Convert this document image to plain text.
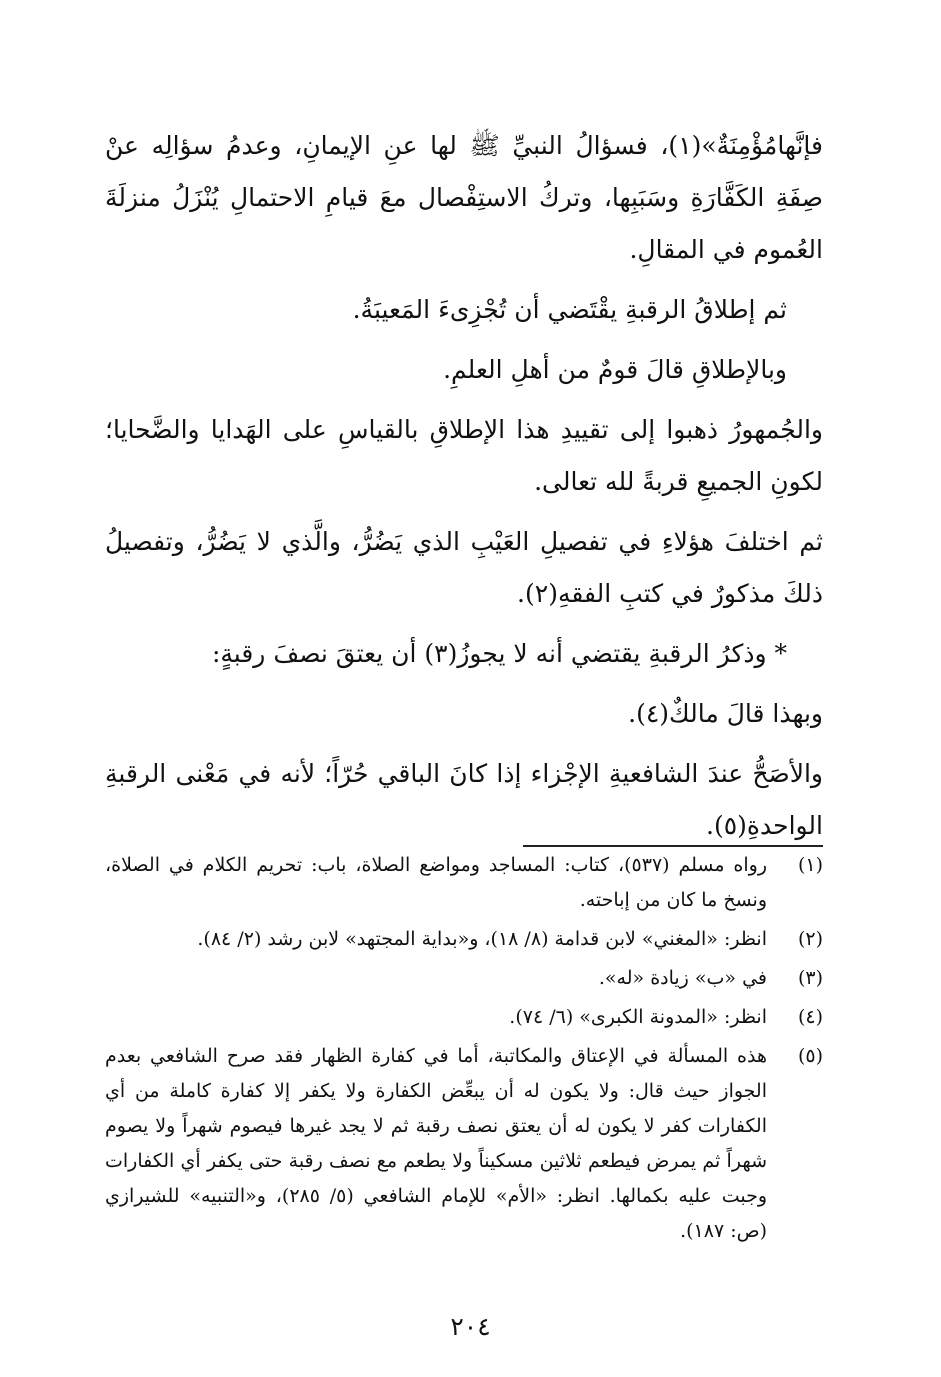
فإنَّهامُؤْمِنَةٌ»(١)، فسؤالُ النبيِّ ﷺ لها عنِ الإيمانِ، وعدمُ سؤالِه عنْ صِفَةِ الكَفَّارَةِ وسَبَبِها، وتركُ الاستِفْصال معَ قيامِ الاحتمالِ يُنْزَلُ منزلَةَ العُموم في المقالِ.

ثم إطلاقُ الرقبةِ يقْتَضي أن تُجْزِىءَ المَعيبَةُ.

وبالإطلاقِ قالَ قومٌ من أهلِ العلمِ.

والجُمهورُ ذهبوا إلى تقييدِ هذا الإطلاقِ بالقياسِ على الهَدايا والضَّحايا؛ لكونِ الجميعِ قربةً لله تعالى.

ثم اختلفَ هؤلاءِ في تفصيلِ العَيْبِ الذي يَضُرُّ، والَّذي لا يَضُرُّ، وتفصيلُ ذلكَ مذكورٌ في كتبِ الفقهِ(٢).

* وذكرُ الرقبةِ يقتضي أنه لا يجوزُ(٣) أن يعتقَ نصفَ رقبةٍ:

وبهذا قالَ مالكٌ(٤).

والأصَحُّ عندَ الشافعيةِ الإجْزاء إذا كانَ الباقي حُرّاً؛ لأنه في مَعْنى الرقبةِ الواحدةِ(٥).

(١)
رواه مسلم (٥٣٧)، كتاب: المساجد ومواضع الصلاة، باب: تحريم الكلام في الصلاة، ونسخ ما كان من إباحته.
(٢)
انظر: «المغني» لابن قدامة (٨/ ١٨)، و«بداية المجتهد» لابن رشد (٢/ ٨٤).
(٣)
في «ب» زيادة «له».
(٤)
انظر: «المدونة الكبرى» (٦/ ٧٤).
(٥)
هذه المسألة في الإعتاق والمكاتبة، أما في كفارة الظهار فقد صرح الشافعي بعدم الجواز حيث قال: ولا يكون له أن يبعِّض الكفارة ولا يكفر إلا كفارة كاملة من أي الكفارات كفر لا يكون له أن يعتق نصف رقبة ثم لا يجد غيرها فيصوم شهراً ولا يصوم شهراً ثم يمرض فيطعم ثلاثين مسكيناً ولا يطعم مع نصف رقبة حتى يكفر أي الكفارات وجبت عليه بكمالها. انظر: «الأم» للإمام الشافعي (٥/ ٢٨٥)، و«التنبيه» للشيرازي (ص: ١٨٧).
٢٠٤
